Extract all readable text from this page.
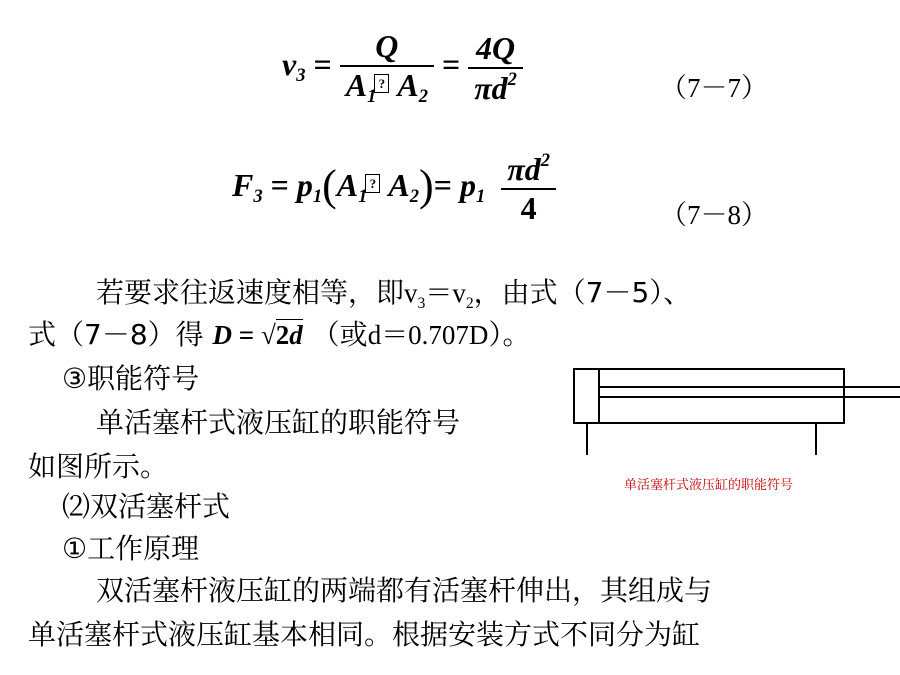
$v_3 = \frac{Q}{A_1? A_2} = \frac{4Q}{\pi d^2}$	（7－7）
$F_3 = p_1(A_1$? $A_2)= p_1 \frac{\pi d^2}{4}$	（7－8）
若要求往返速度相等，即$v_3=v_2$，由式（7－5）、
式（7－8）得 D = √2d （或d＝0.707D）。
③职能符号
单活塞杆式液压缸的职能符号
如图所示。
单活塞杆式液压缸的职能符号
⑵双活塞杆式
①工作原理
双活塞杆液压缸的两端都有活塞杆伸出，其组成与
单活塞杆式液压缸基本相同。根据安装方式不同分为缸
